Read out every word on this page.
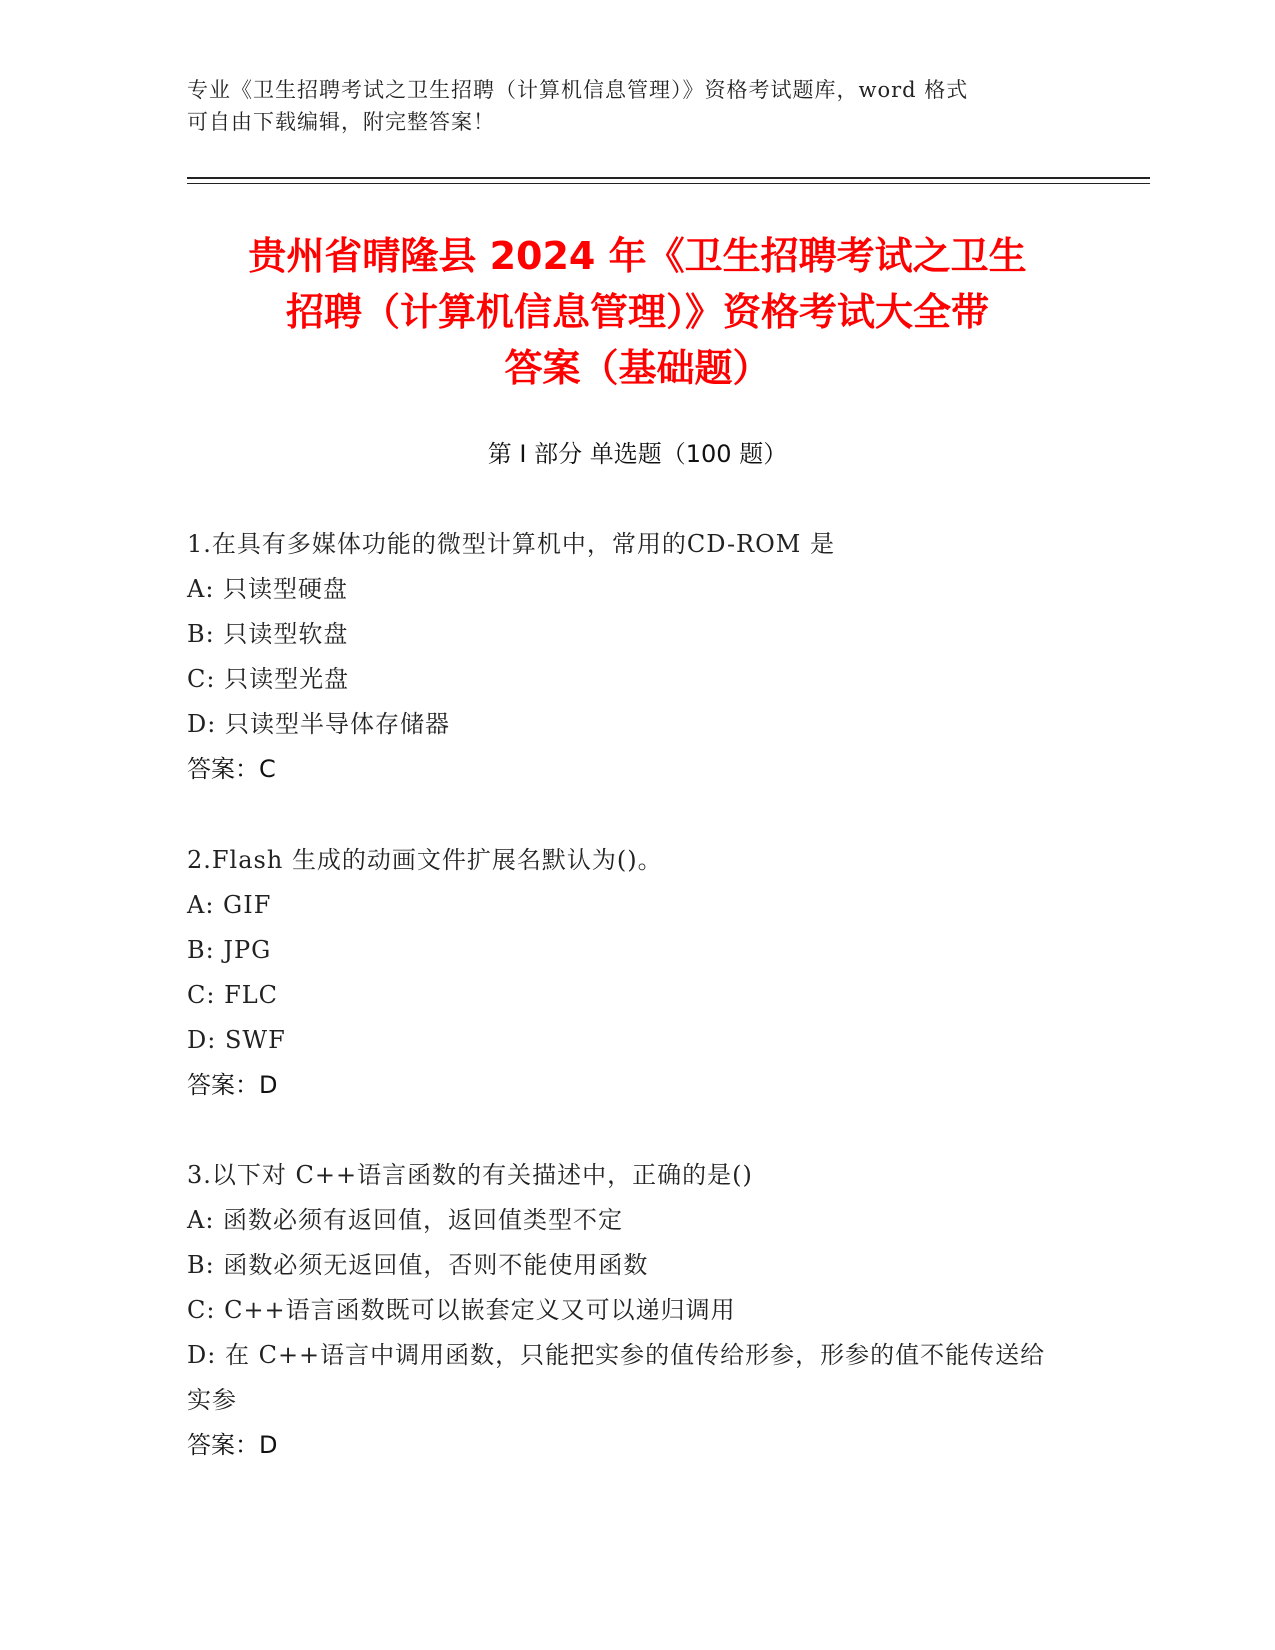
专业《卫生招聘考试之卫生招聘（计算机信息管理）》资格考试题库，word 格式
可自由下载编辑，附完整答案！
贵州省晴隆县 2024 年《卫生招聘考试之卫生
招聘（计算机信息管理）》资格考试大全带
答案（基础题）
第 I 部分 单选题（100 题）
1.在具有多媒体功能的微型计算机中，常用的CD-ROM 是
A: 只读型硬盘
B: 只读型软盘
C: 只读型光盘
D: 只读型半导体存储器
答案：C
2.Flash 生成的动画文件扩展名默认为()。
A: GIF
B: JPG
C: FLC
D: SWF
答案：D
3.以下对 C++语言函数的有关描述中，正确的是()
A: 函数必须有返回值，返回值类型不定
B: 函数必须无返回值，否则不能使用函数
C: C++语言函数既可以嵌套定义又可以递归调用
D: 在 C++语言中调用函数，只能把实参的值传给形参，形参的值不能传送给实参
答案：D
